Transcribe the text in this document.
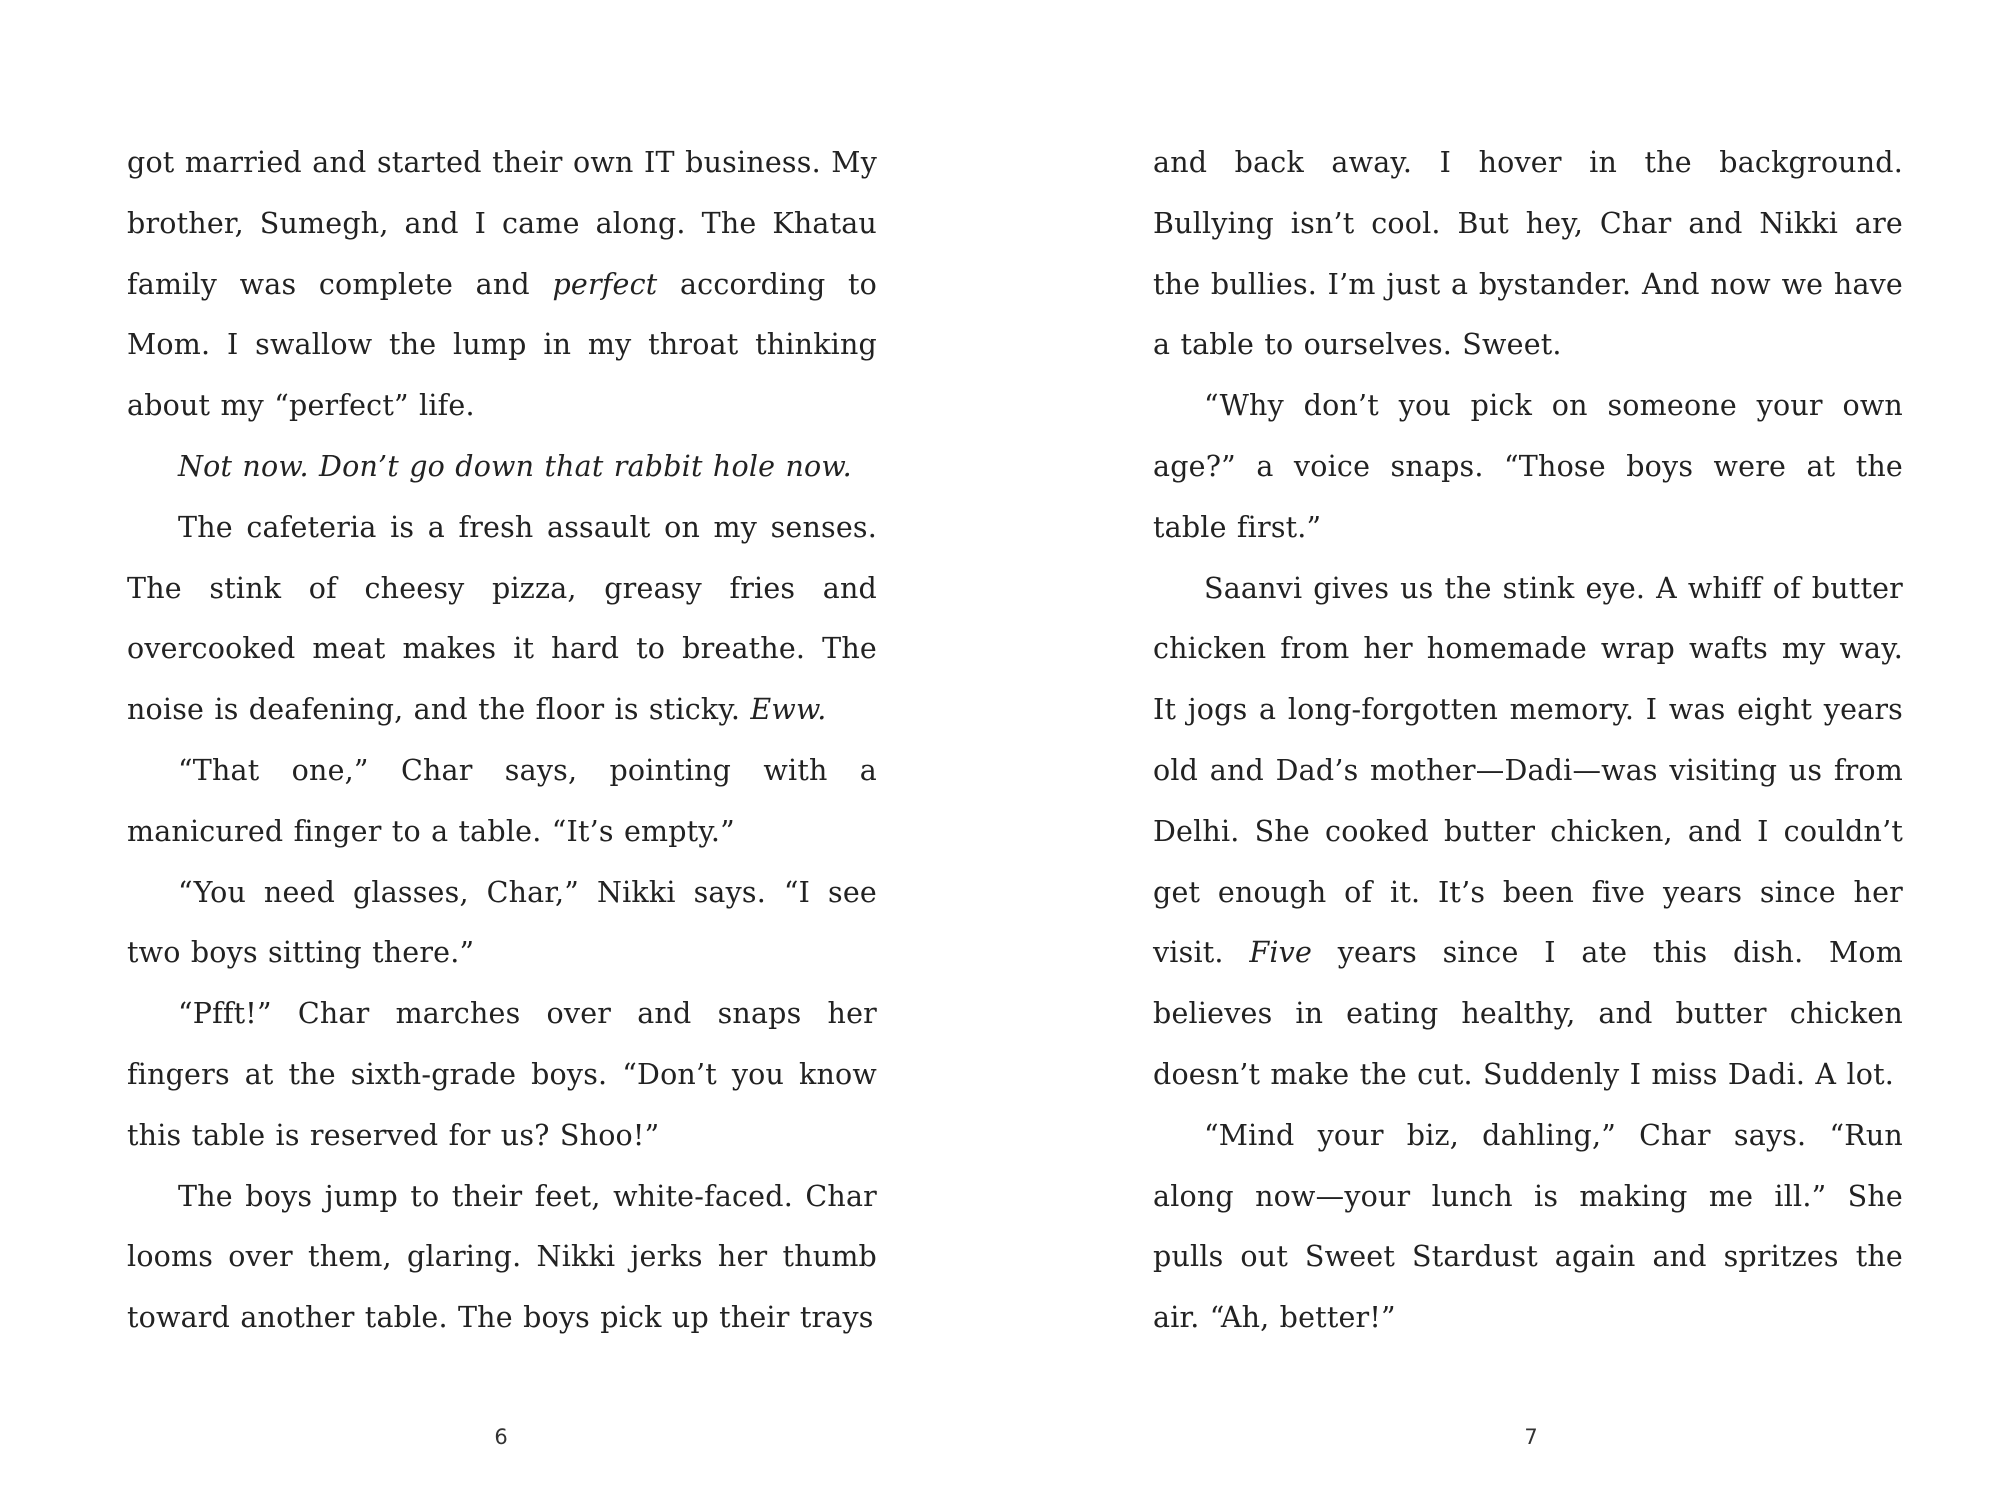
got married and started their own IT business. My brother, Sumegh, and I came along. The Khatau family was complete and perfect according to Mom. I swallow the lump in my throat thinking about my “perfect” life.

Not now. Don’t go down that rabbit hole now.

The cafeteria is a fresh assault on my senses. The stink of cheesy pizza, greasy fries and overcooked meat makes it hard to breathe. The noise is deafening, and the floor is sticky. Eww.

“That one,” Char says, pointing with a manicured finger to a table. “It’s empty.”

“You need glasses, Char,” Nikki says. “I see two boys sitting there.”

“Pfft!” Char marches over and snaps her fingers at the sixth-grade boys. “Don’t you know this table is reserved for us? Shoo!”

The boys jump to their feet, white-faced. Char looms over them, glaring. Nikki jerks her thumb toward another table. The boys pick up their trays

6

and back away. I hover in the background. Bullying isn’t cool. But hey, Char and Nikki are the bullies. I’m just a bystander. And now we have a table to ourselves. Sweet.

“Why don’t you pick on someone your own age?” a voice snaps. “Those boys were at the table first.”

Saanvi gives us the stink eye. A whiff of butter chicken from her homemade wrap wafts my way. It jogs a long-forgotten memory. I was eight years old and Dad’s mother—Dadi—was visiting us from Delhi. She cooked butter chicken, and I couldn’t get enough of it. It’s been five years since her visit. Five years since I ate this dish. Mom believes in eating healthy, and butter chicken doesn’t make the cut. Suddenly I miss Dadi. A lot.

“Mind your biz, dahling,” Char says. “Run along now—your lunch is making me ill.” She pulls out Sweet Stardust again and spritzes the air. “Ah, better!”

7
